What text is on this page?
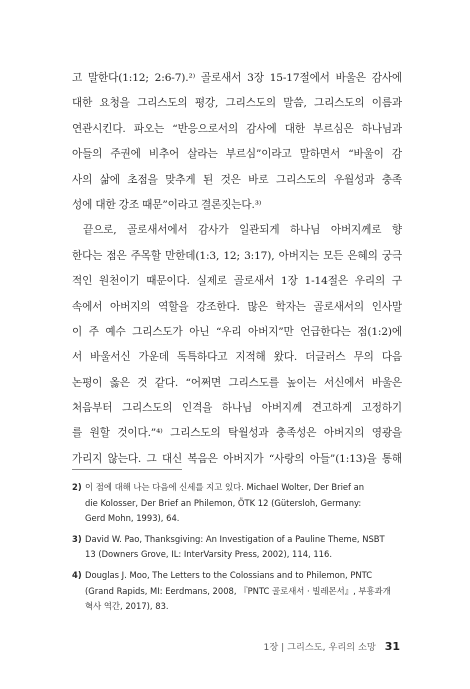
고 말한다(1:12; 2:6-7).²⁾ 골로새서 3장 15-17절에서 바울은 감사에
대한 요청을 그리스도의 평강, 그리스도의 말씀, 그리스도의 이름과
연관시킨다. 파오는 “반응으로서의 감사에 대한 부르심은 하나님과
아들의 주권에 비추어 살라는 부르심”이라고 말하면서 “바울이 감
사의 삶에 초점을 맞추게 된 것은 바로 그리스도의 우월성과 충족
성에 대한 강조 때문”이라고 결론짓는다.³⁾
끝으로, 골로새서에서 감사가 일관되게 하나님 아버지께로 향
한다는 점은 주목할 만한데(1:3, 12; 3:17), 아버지는 모든 은혜의 궁극
적인 원천이기 때문이다. 실제로 골로새서 1장 1-14절은 우리의 구
속에서 아버지의 역할을 강조한다. 많은 학자는 골로새서의 인사말
이 주 예수 그리스도가 아닌 “우리 아버지”만 언급한다는 점(1:2)에
서 바울서신 가운데 독특하다고 지적해 왔다. 더글러스 무의 다음
논평이 옳은 것 같다. “어쩌면 그리스도를 높이는 서신에서 바울은
처음부터 그리스도의 인격을 하나님 아버지께 견고하게 고정하기
를 원할 것이다.”⁴⁾ 그리스도의 탁월성과 충족성은 아버지의 영광을
가리지 않는다. 그 대신 복음은 아버지가 “사랑의 아들”(1:13)을 통해
2) 이 점에 대해 나는 다음에 신세를 지고 있다. Michael Wolter, Der Brief an
die Kolosser, Der Brief an Philemon, ÖTK 12 (Gütersloh, Germany:
Gerd Mohn, 1993), 64.
3) David W. Pao, Thanksgiving: An Investigation of a Pauline Theme, NSBT
13 (Downers Grove, IL: InterVarsity Press, 2002), 114, 116.
4) Douglas J. Moo, The Letters to the Colossians and to Philemon, PNTC
(Grand Rapids, MI: Eerdmans, 2008, 『PNTC 골로새서 · 빌레몬서』, 부흥과개
혁사 역간, 2017), 83.
1장 | 그리스도, 우리의 소망 31
